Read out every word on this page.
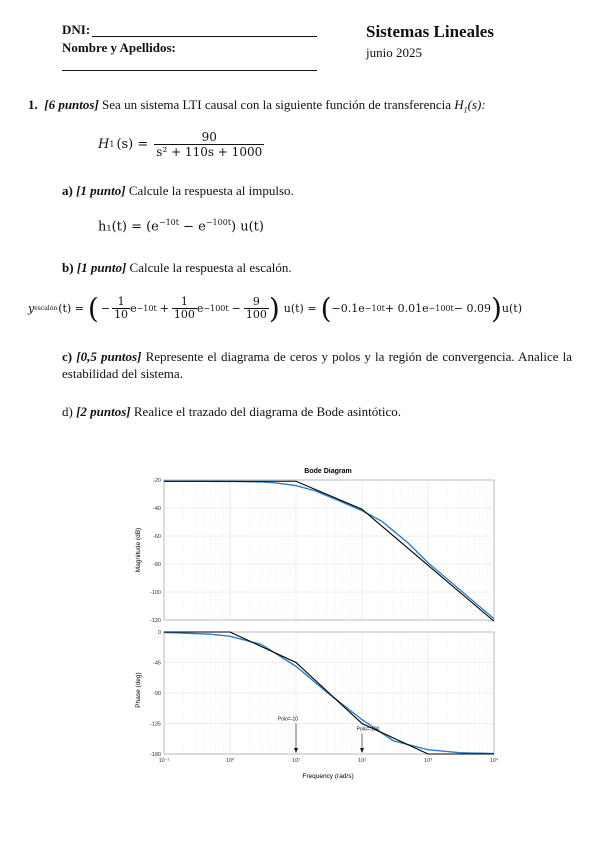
DNI:
Nombre y Apellidos:
Sistemas Lineales
junio 2025
1. [6 puntos] Sea un sistema LTI causal con la siguiente función de transferencia $H_1(s)$:
H 1 $(s) = \frac{90}{\text{s² + 110s + 1000}}$
a) [1 punto] Calcule la respuesta al impulso.
$h_1(t) = (e^{-10t} - e^{-100t})$ u(t)
b) [1 punto] Calcule la respuesta al escalón.
y escalón (t) = ( − $\frac{1}{10}$ $e -10t + \frac{1}{100}$ $e -100t - \frac{9}{100}$ ) u(t) = ( −0.1e −10t + 0.01e −100t − 0.09 ) u(t)
c) [0,5 puntos] Represente el diagrama de ceros y polos y la región de convergencia. Analice la estabilidad del sistema.
d) [2 puntos] Realice el trazado del diagrama de Bode asintótico.
Bode Diagram
-20
-40
-60
-80
-100
-120
0
-45
-90
-135
-180
10⁻¹	10⁰	10¹	10²	10³	10⁴
Polo=-10
Polo=-100
Magnitude (dB)
Phase (deg)
Frequency (rad/s)
